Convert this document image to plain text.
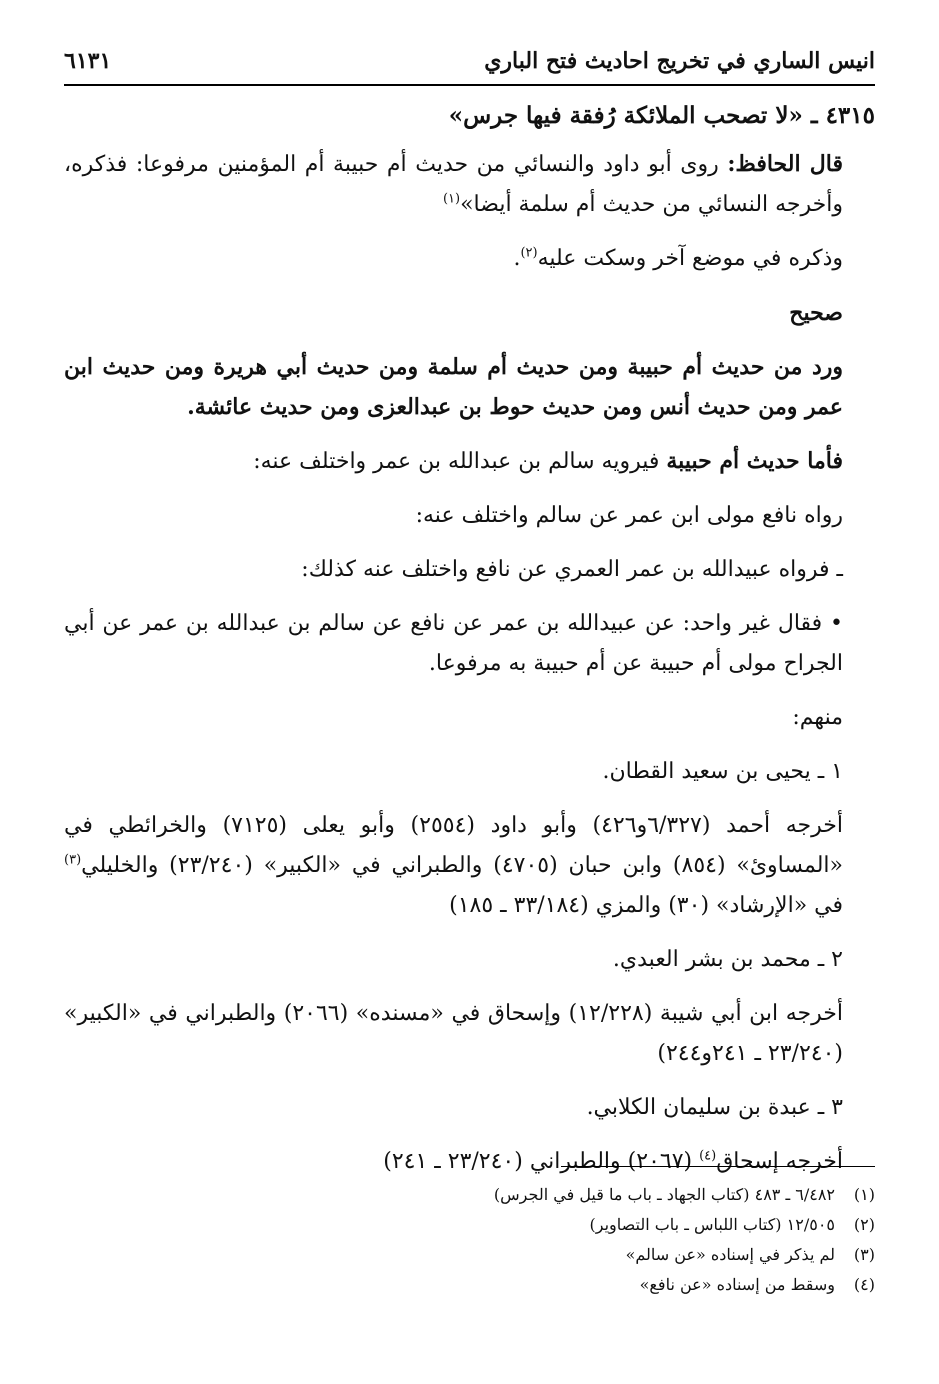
انيس الساري في تخريج احاديث فتح الباري
٦١٣١
٤٣١٥ ـ «لا تصحب الملائكة رُفقة فيها جرس»
قال الحافظ: روى أبو داود والنسائي من حديث أم حبيبة أم المؤمنين مرفوعا: فذكره، وأخرجه النسائي من حديث أم سلمة أيضا»$^{(١)}$
وذكره في موضع آخر وسكت عليه$^{(٢)}$.
صحيح
ورد من حديث أم حبيبة ومن حديث أم سلمة ومن حديث أبي هريرة ومن حديث ابن عمر ومن حديث أنس ومن حديث حوط بن عبدالعزى ومن حديث عائشة.
فأما حديث أم حبيبة فيرويه سالم بن عبدالله بن عمر واختلف عنه:
رواه نافع مولى ابن عمر عن سالم واختلف عنه:
ـ فرواه عبيدالله بن عمر العمري عن نافع واختلف عنه كذلك:
• فقال غير واحد: عن عبيدالله بن عمر عن نافع عن سالم بن عبدالله بن عمر عن أبي الجراح مولى أم حبيبة عن أم حبيبة به مرفوعا.
منهم:
١ ـ يحيى بن سعيد القطان.
أخرجه أحمد (٦/٣٢٧و٤٢٦) وأبو داود (٢٥٥٤) وأبو يعلى (٧١٢٥) والخرائطي في «المساوئ» (٨٥٤) وابن حبان (٤٧٠٥) والطبراني في «الكبير» (٢٣/٢٤٠) والخليلي$^{(٣)}$ في «الإرشاد» (٣٠) والمزي (٣٣/١٨٤ ـ ١٨٥)
٢ ـ محمد بن بشر العبدي.
أخرجه ابن أبي شيبة (١٢/٢٢٨) وإسحاق في «مسنده» (٢٠٦٦) والطبراني في «الكبير» (٢٣/٢٤٠ ـ ٢٤١و٢٤٤)
٣ ـ عبدة بن سليمان الكلابي.
أخرجه إسحاق$^{(٤)}$ (٢٠٦٧) والطبراني (٢٣/٢٤٠ ـ ٢٤١)
(١)
٦/٤٨٢ ـ ٤٨٣ (كتاب الجهاد ـ باب ما قيل في الجرس)
(٢)
١٢/٥٠٥ (كتاب اللباس ـ باب التصاوير)
(٣)
لم يذكر في إسناده «عن سالم»
(٤)
وسقط من إسناده «عن نافع»
